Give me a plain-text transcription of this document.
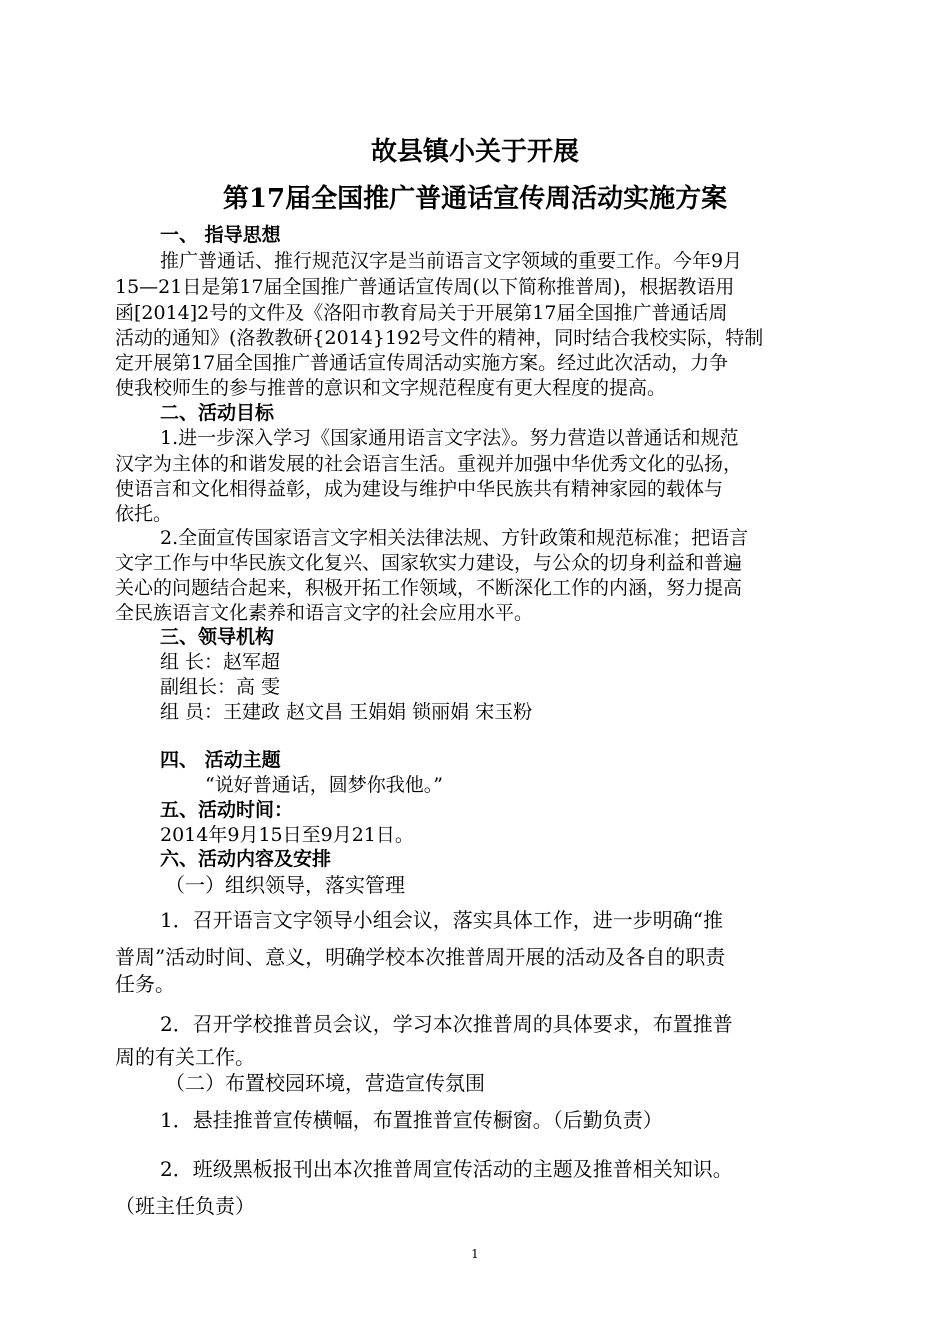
故县镇小关于开展
第17届全国推广普通话宣传周活动实施方案
一、 指导思想
推广普通话、推行规范汉字是当前语言文字领域的重要工作。今年9月
15—21日是第17届全国推广普通话宣传周(以下简称推普周)，根据教语用
函[2014]2号的文件及《洛阳市教育局关于开展第17届全国推广普通话周
活动的通知》(洛教教研{2014}192号文件的精神，同时结合我校实际，特制
定开展第17届全国推广普通话宣传周活动实施方案。经过此次活动，力争
使我校师生的参与推普的意识和文字规范程度有更大程度的提高。
二、活动目标
1.进一步深入学习《国家通用语言文字法》。努力营造以普通话和规范
汉字为主体的和谐发展的社会语言生活。重视并加强中华优秀文化的弘扬，
使语言和文化相得益彰，成为建设与维护中华民族共有精神家园的载体与
依托。
2.全面宣传国家语言文字相关法律法规、方针政策和规范标准；把语言
文字工作与中华民族文化复兴、国家软实力建设，与公众的切身利益和普遍
关心的问题结合起来，积极开拓工作领域，不断深化工作的内涵，努力提高
全民族语言文化素养和语言文字的社会应用水平。
三、领导机构
组 长：赵军超
副组长：高 雯
组 员：王建政 赵文昌 王娟娟 锁丽娟 宋玉粉
四、 活动主题
“说好普通话，圆梦你我他。”
五、活动时间：
2014年9月15日至9月21日。
六、活动内容及安排
（一）组织领导，落实管理
1．召开语言文字领导小组会议，落实具体工作，进一步明确“推
普周”活动时间、意义，明确学校本次推普周开展的活动及各自的职责
任务。
2．召开学校推普员会议，学习本次推普周的具体要求，布置推普
周的有关工作。
（二）布置校园环境，营造宣传氛围
1．悬挂推普宣传横幅，布置推普宣传橱窗。（后勤负责）
2．班级黑板报刊出本次推普周宣传活动的主题及推普相关知识。
（班主任负责）
1
